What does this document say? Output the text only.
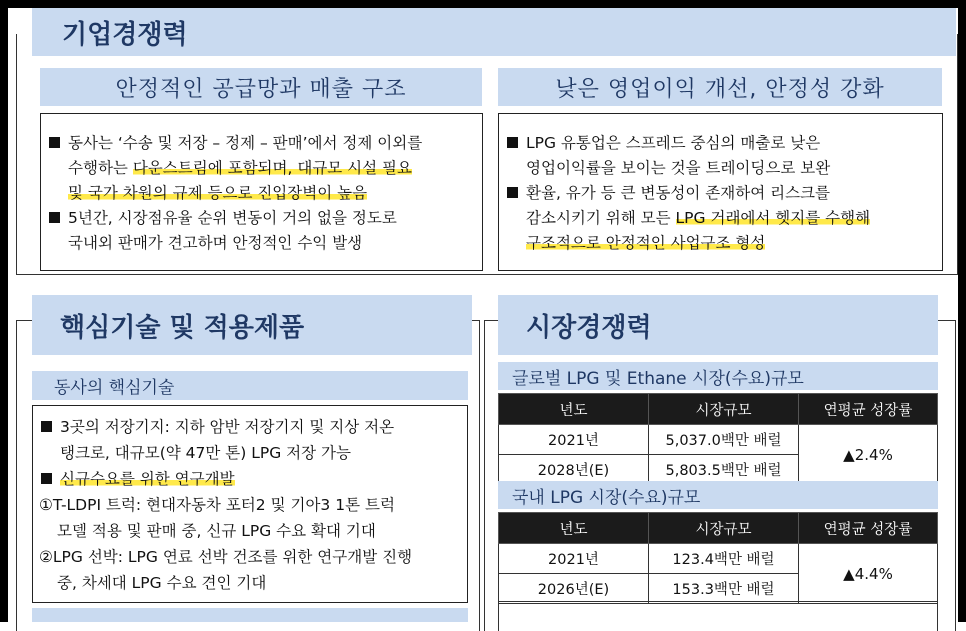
기업경쟁력
안정적인 공급망과 매출 구조	낮은 영업이익 개선, 안정성 강화
동사는 ‘수송 및 저장 – 정제 – 판매’에서 정제 이외를
수행하는 다운스트림에 포함되며, 대규모 시설 필요
및 국가 차원의 규제 등으로 진입장벽이 높음
5년간, 시장점유율 순위 변동이 거의 없을 정도로
국내외 판매가 견고하며 안정적인 수익 발생
LPG 유통업은 스프레드 중심의 매출로 낮은
영업이익률을 보이는 것을 트레이딩으로 보완
환율, 유가 등 큰 변동성이 존재하여 리스크를
감소시키기 위해 모든 LPG 거래에서 헷지를 수행해
구조적으로 안정적인 사업구조 형성
핵심기술 및 적용제품
동사의 핵심기술
3곳의 저장기지: 지하 암반 저장기지 및 지상 저온
탱크로, 대규모(약 47만 톤) LPG 저장 가능
신규수요를 위한 연구개발
①T-LDPI 트럭: 현대자동차 포터2 및 기아3 1톤 트럭
모델 적용 및 판매 중, 신규 LPG 수요 확대 기대
②LPG 선박: LPG 연료 선박 건조를 위한 연구개발 진행
중, 차세대 LPG 수요 견인 기대
시장경쟁력
글로벌 LPG 및 Ethane 시장(수요)규모
년도	시장규모	연평균 성장률
2021년	5,037.0백만 배럴	▲2.4%
2028년(E)	5,803.5백만 배럴	
국내 LPG 시장(수요)규모
년도	시장규모	연평균 성장률
2021년	123.4백만 배럴	▲4.4%
2026년(E)	153.3백만 배럴	
